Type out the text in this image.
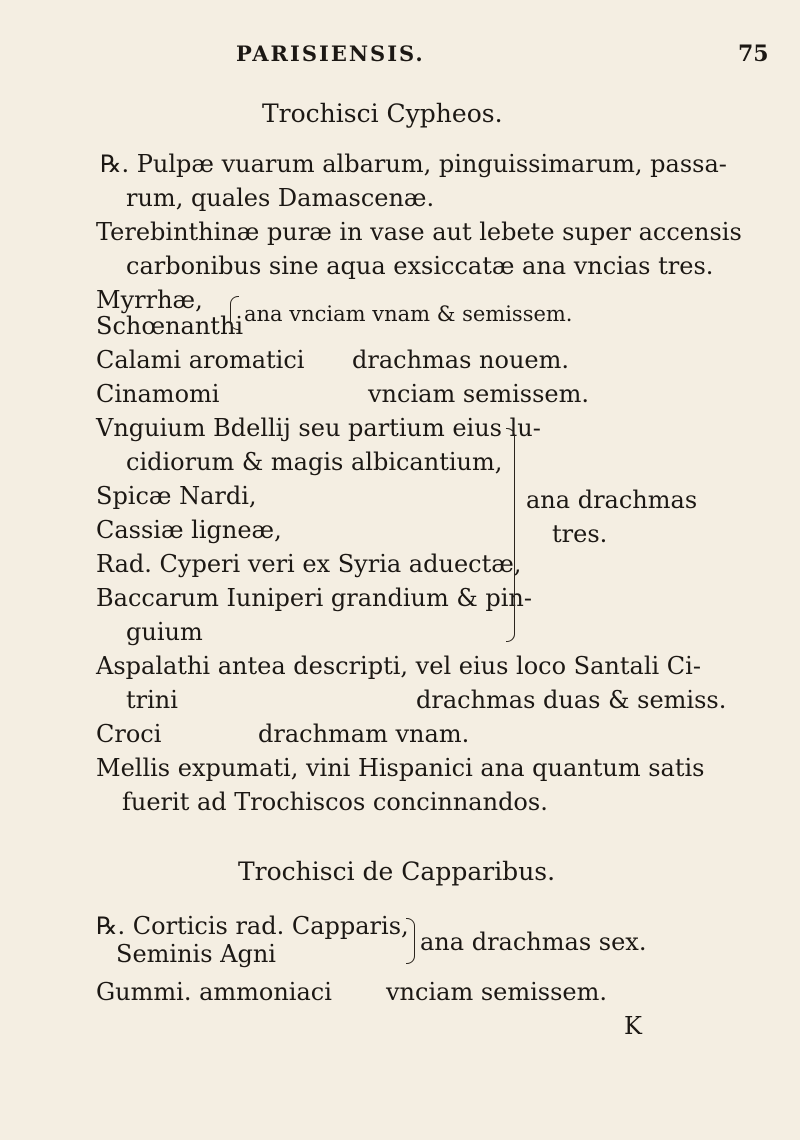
PARISIENSIS.	75
Trochisci Cypheos.
℞. Pulpæ vuarum albarum, pinguissimarum, passa-
rum, quales Damascenæ.
Terebinthinæ puræ in vase aut lebete super accensis
carbonibus sine aqua exsiccatæ ana vncias tres.
Myrrhæ,
Schœnanthi ana vnciam vnam & semissem.
Calami aromatici drachmas nouem.
Cinamomi	vnciam semissem.
Vnguium Bdellij seu partium eius lu-
cidiorum & magis albicantium,
Spicæ Nardi,	ana drachmas
Cassiæ ligneæ,	tres.
Rad. Cyperi veri ex Syria aduectæ,
Baccarum Iuniperi grandium & pin-
guium
Aspalathi antea descripti, vel eius loco Santali Ci-
trini	drachmas duas & semiss.
Croci	drachmam vnam.
Mellis expumati, vini Hispanici ana quantum satis
fuerit ad Trochiscos concinnandos.
Trochisci de Capparibus.
℞. Corticis rad. Capparis,
Seminis Agni	ana drachmas sex.
Gummi. ammoniaci vnciam semissem.
K
